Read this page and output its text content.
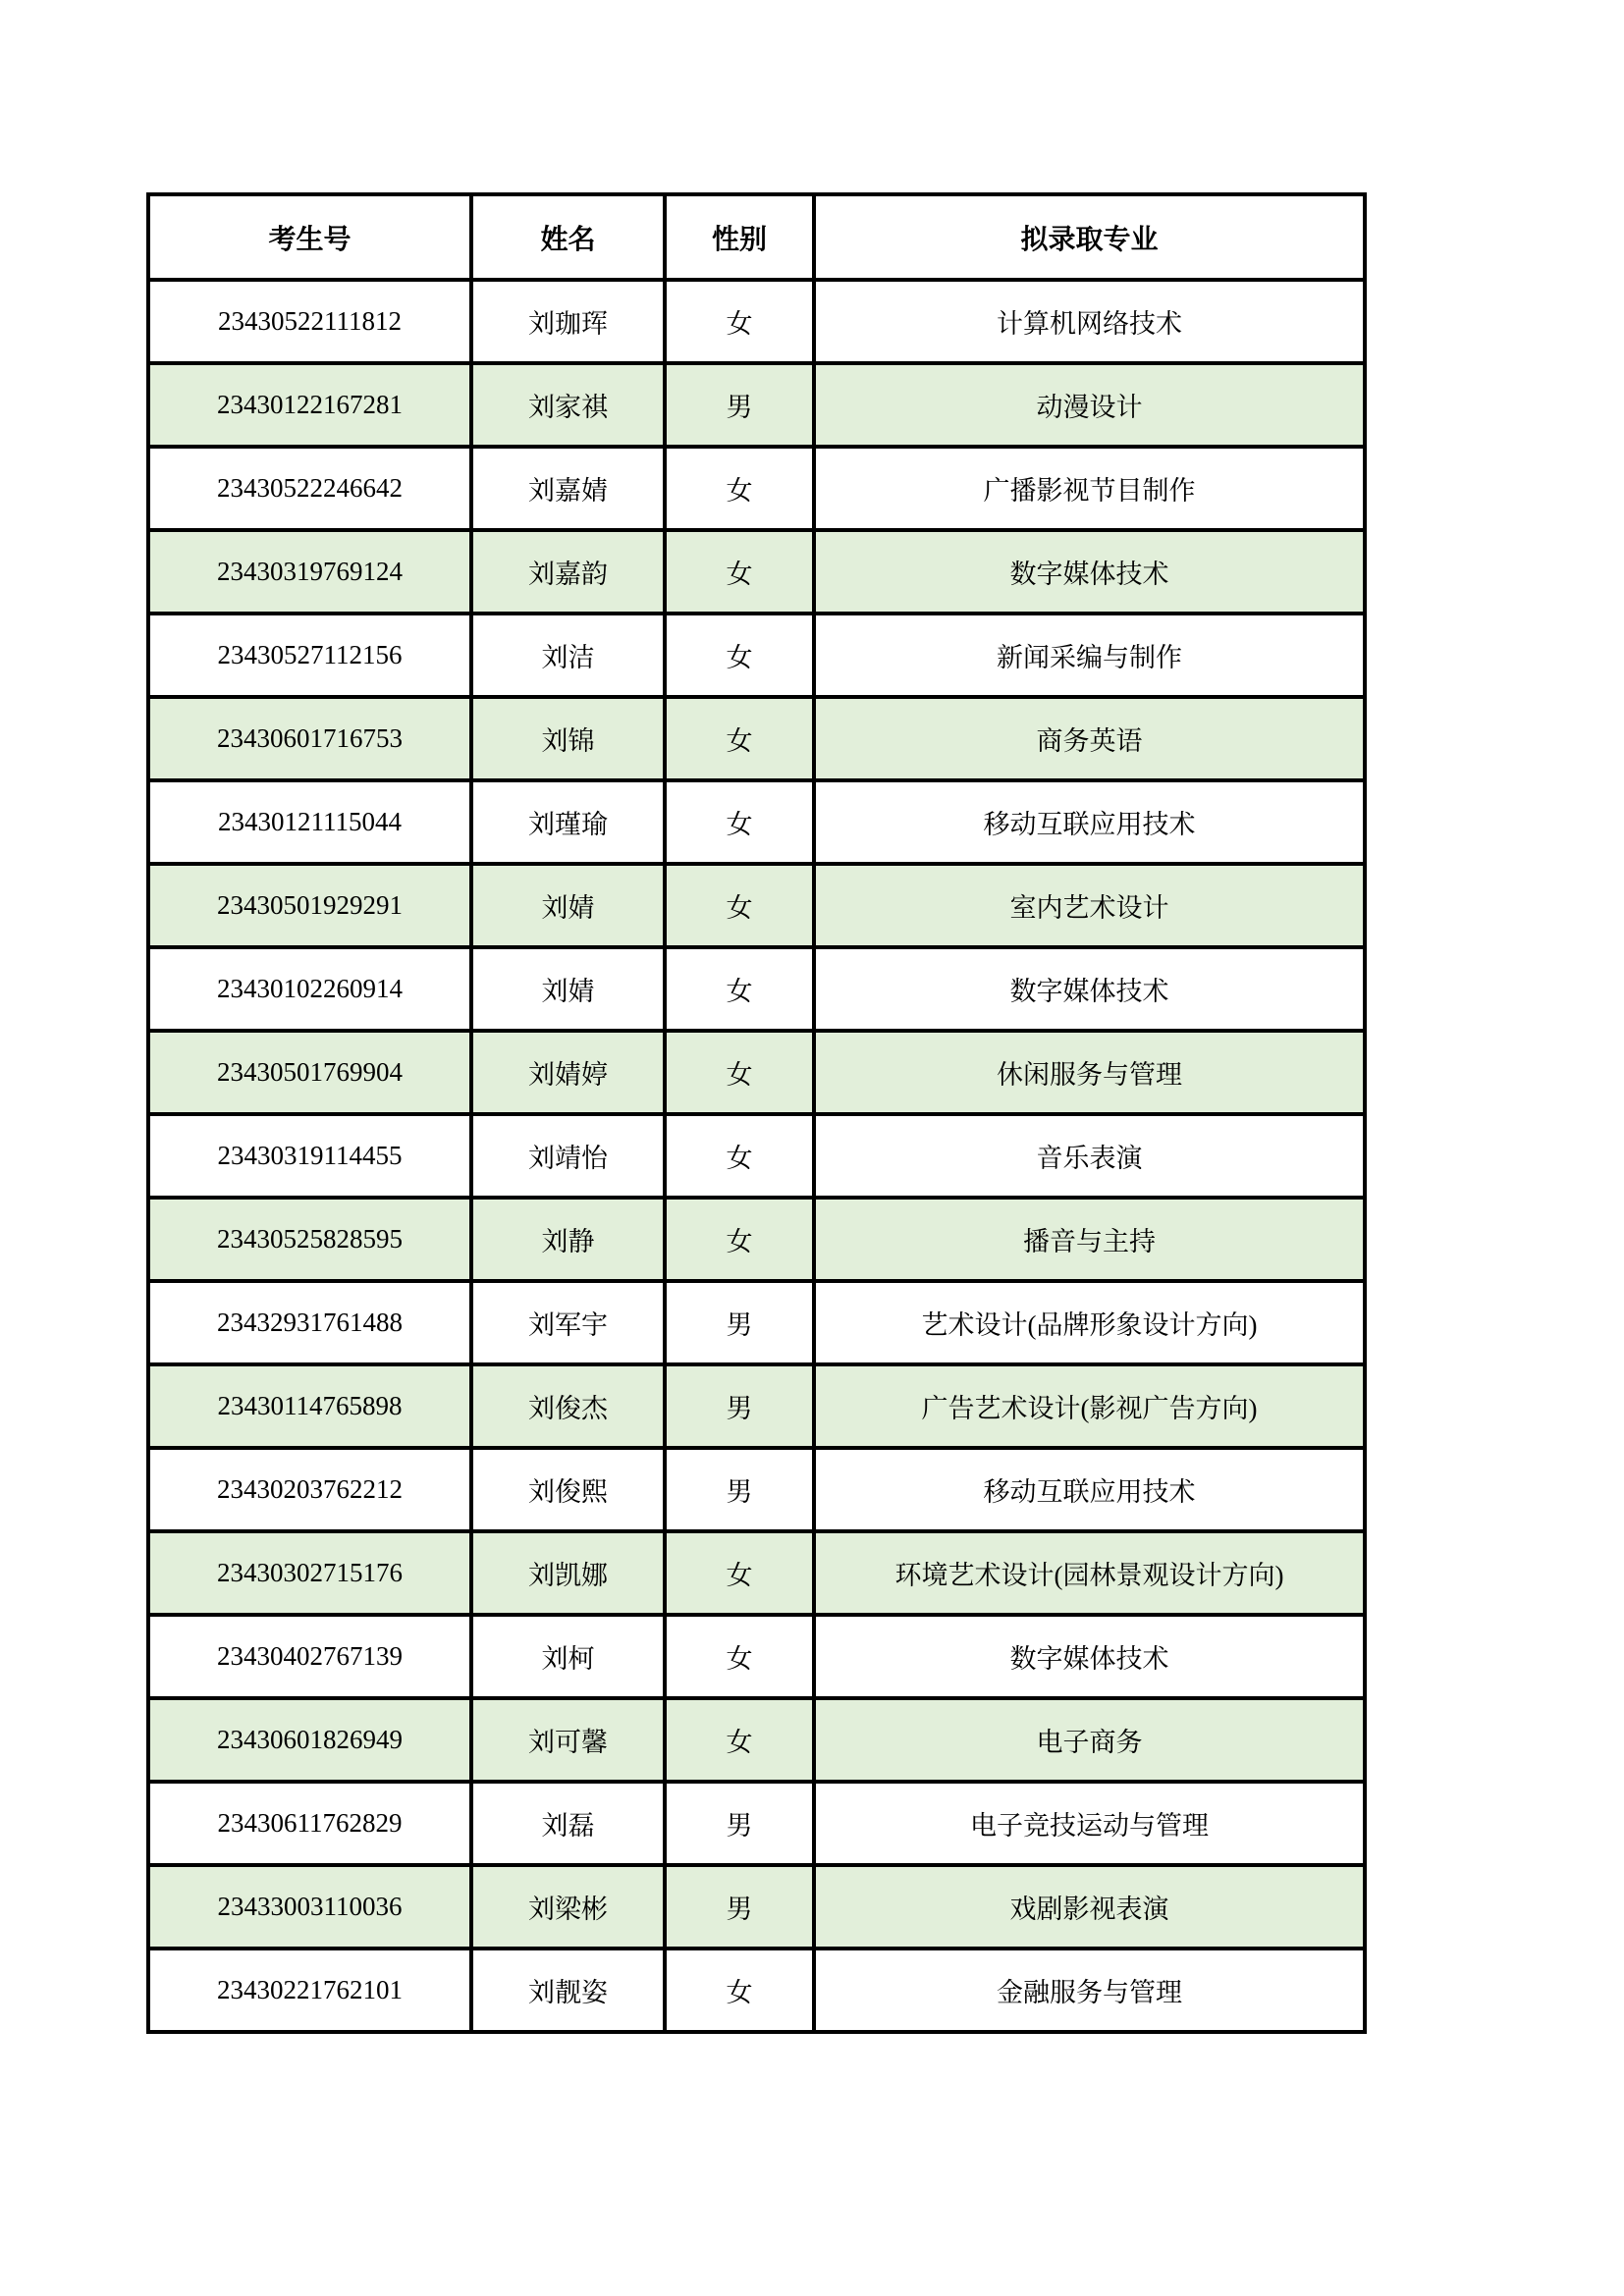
考生号	姓名	性别	拟录取专业
23430522111812	刘珈珲	女	计算机网络技术
23430122167281	刘家祺	男	动漫设计
23430522246642	刘嘉婧	女	广播影视节目制作
23430319769124	刘嘉韵	女	数字媒体技术
23430527112156	刘洁	女	新闻采编与制作
23430601716753	刘锦	女	商务英语
23430121115044	刘瑾瑜	女	移动互联应用技术
23430501929291	刘婧	女	室内艺术设计
23430102260914	刘婧	女	数字媒体技术
23430501769904	刘婧婷	女	休闲服务与管理
23430319114455	刘靖怡	女	音乐表演
23430525828595	刘静	女	播音与主持
23432931761488	刘军宇	男	艺术设计(品牌形象设计方向)
23430114765898	刘俊杰	男	广告艺术设计(影视广告方向)
23430203762212	刘俊熙	男	移动互联应用技术
23430302715176	刘凯娜	女	环境艺术设计(园林景观设计方向)
23430402767139	刘柯	女	数字媒体技术
23430601826949	刘可馨	女	电子商务
23430611762829	刘磊	男	电子竞技运动与管理
23433003110036	刘梁彬	男	戏剧影视表演
23430221762101	刘靓姿	女	金融服务与管理
